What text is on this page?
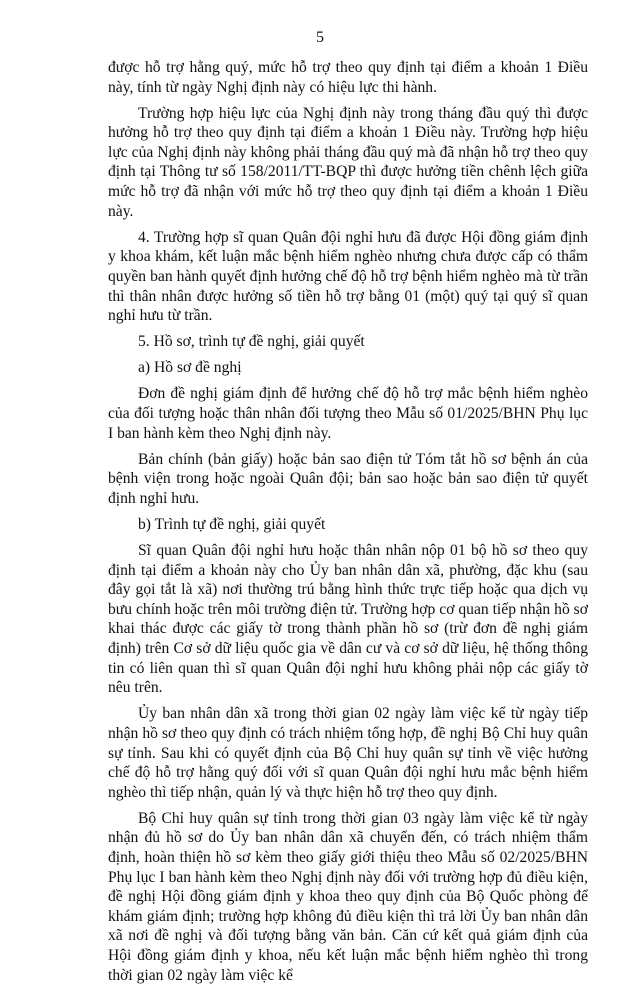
5

được hỗ trợ hằng quý, mức hỗ trợ theo quy định tại điểm a khoản 1 Điều này, tính từ ngày Nghị định này có hiệu lực thi hành.

Trường hợp hiệu lực của Nghị định này trong tháng đầu quý thì được hưởng hỗ trợ theo quy định tại điểm a khoản 1 Điều này. Trường hợp hiệu lực của Nghị định này không phải tháng đầu quý mà đã nhận hỗ trợ theo quy định tại Thông tư số 158/2011/TT-BQP thì được hưởng tiền chênh lệch giữa mức hỗ trợ đã nhận với mức hỗ trợ theo quy định tại điểm a khoản 1 Điều này.

4. Trường hợp sĩ quan Quân đội nghỉ hưu đã được Hội đồng giám định y khoa khám, kết luận mắc bệnh hiểm nghèo nhưng chưa được cấp có thẩm quyền ban hành quyết định hưởng chế độ hỗ trợ bệnh hiểm nghèo mà từ trần thì thân nhân được hưởng số tiền hỗ trợ bằng 01 (một) quý tại quý sĩ quan nghỉ hưu từ trần.

5. Hồ sơ, trình tự đề nghị, giải quyết

a) Hồ sơ đề nghị

Đơn đề nghị giám định để hưởng chế độ hỗ trợ mắc bệnh hiểm nghèo của đối tượng hoặc thân nhân đối tượng theo Mẫu số 01/2025/BHN Phụ lục I ban hành kèm theo Nghị định này.

Bản chính (bản giấy) hoặc bản sao điện tử Tóm tắt hồ sơ bệnh án của bệnh viện trong hoặc ngoài Quân đội; bản sao hoặc bản sao điện tử quyết định nghỉ hưu.

b) Trình tự đề nghị, giải quyết

Sĩ quan Quân đội nghỉ hưu hoặc thân nhân nộp 01 bộ hồ sơ theo quy định tại điểm a khoản này cho Ủy ban nhân dân xã, phường, đặc khu (sau đây gọi tắt là xã) nơi thường trú bằng hình thức trực tiếp hoặc qua dịch vụ bưu chính hoặc trên môi trường điện tử. Trường hợp cơ quan tiếp nhận hồ sơ khai thác được các giấy tờ trong thành phần hồ sơ (trừ đơn đề nghị giám định) trên Cơ sở dữ liệu quốc gia về dân cư và cơ sở dữ liệu, hệ thống thông tin có liên quan thì sĩ quan Quân đội nghỉ hưu không phải nộp các giấy tờ nêu trên.

Ủy ban nhân dân xã trong thời gian 02 ngày làm việc kể từ ngày tiếp nhận hồ sơ theo quy định có trách nhiệm tổng hợp, đề nghị Bộ Chỉ huy quân sự tỉnh. Sau khi có quyết định của Bộ Chỉ huy quân sự tỉnh về việc hưởng chế độ hỗ trợ hằng quý đối với sĩ quan Quân đội nghỉ hưu mắc bệnh hiểm nghèo thì tiếp nhận, quản lý và thực hiện hỗ trợ theo quy định.

Bộ Chỉ huy quân sự tỉnh trong thời gian 03 ngày làm việc kể từ ngày nhận đủ hồ sơ do Ủy ban nhân dân xã chuyển đến, có trách nhiệm thẩm định, hoàn thiện hồ sơ kèm theo giấy giới thiệu theo Mẫu số 02/2025/BHN Phụ lục I ban hành kèm theo Nghị định này đối với trường hợp đủ điều kiện, đề nghị Hội đồng giám định y khoa theo quy định của Bộ Quốc phòng để khám giám định; trường hợp không đủ điều kiện thì trả lời Ủy ban nhân dân xã nơi đề nghị và đối tượng bằng văn bản. Căn cứ kết quả giám định của Hội đồng giám định y khoa, nếu kết luận mắc bệnh hiểm nghèo thì trong thời gian 02 ngày làm việc kể
